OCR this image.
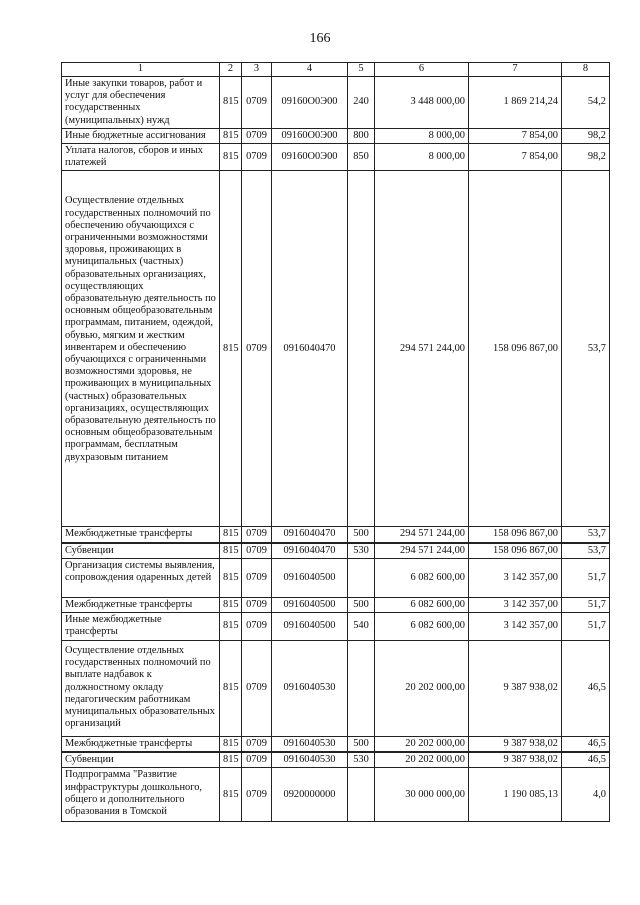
166
1	2	3	4	5	6	7	8
Иные закупки товаров, работ и услуг для обеспечения государственных (муниципальных) нужд	815	0709	09160О0Э00	240	3 448 000,00	1 869 214,24	54,2
Иные бюджетные ассигнования	815	0709	09160О0Э00	800	8 000,00	7 854,00	98,2
Уплата налогов, сборов и иных платежей	815	0709	09160О0Э00	850	8 000,00	7 854,00	98,2
Осуществление отдельных государственных полномочий по обеспечению обучающихся с ограниченными возможностями здоровья, проживающих в муниципальных (частных) образовательных организациях, осуществляющих образовательную деятельность по основным общеобразовательным программам, питанием, одеждой, обувью, мягким и жестким инвентарем и обеспечению обучающихся с ограниченными возможностями здоровья, не проживающих в муниципальных (частных) образовательных организациях, осуществляющих образовательную деятельность по основным общеобразовательным программам, бесплатным двухразовым питанием	815	0709	0916040470		294 571 244,00	158 096 867,00	53,7
Межбюджетные трансферты	815	0709	0916040470	500	294 571 244,00	158 096 867,00	53,7
Субвенции	815	0709	0916040470	530	294 571 244,00	158 096 867,00	53,7
Организация системы выявления, сопровождения одаренных детей	815	0709	0916040500		6 082 600,00	3 142 357,00	51,7
Межбюджетные трансферты	815	0709	0916040500	500	6 082 600,00	3 142 357,00	51,7
Иные межбюджетные трансферты	815	0709	0916040500	540	6 082 600,00	3 142 357,00	51,7
Осуществление отдельных государственных полномочий по выплате надбавок к должностному окладу педагогическим работникам муниципальных образовательных организаций	815	0709	0916040530		20 202 000,00	9 387 938,02	46,5
Межбюджетные трансферты	815	0709	0916040530	500	20 202 000,00	9 387 938,02	46,5
Субвенции	815	0709	0916040530	530	20 202 000,00	9 387 938,02	46,5
Подпрограмма "Развитие инфраструктуры дошкольного, общего и дополнительного образования в Томской	815	0709	0920000000		30 000 000,00	1 190 085,13	4,0
